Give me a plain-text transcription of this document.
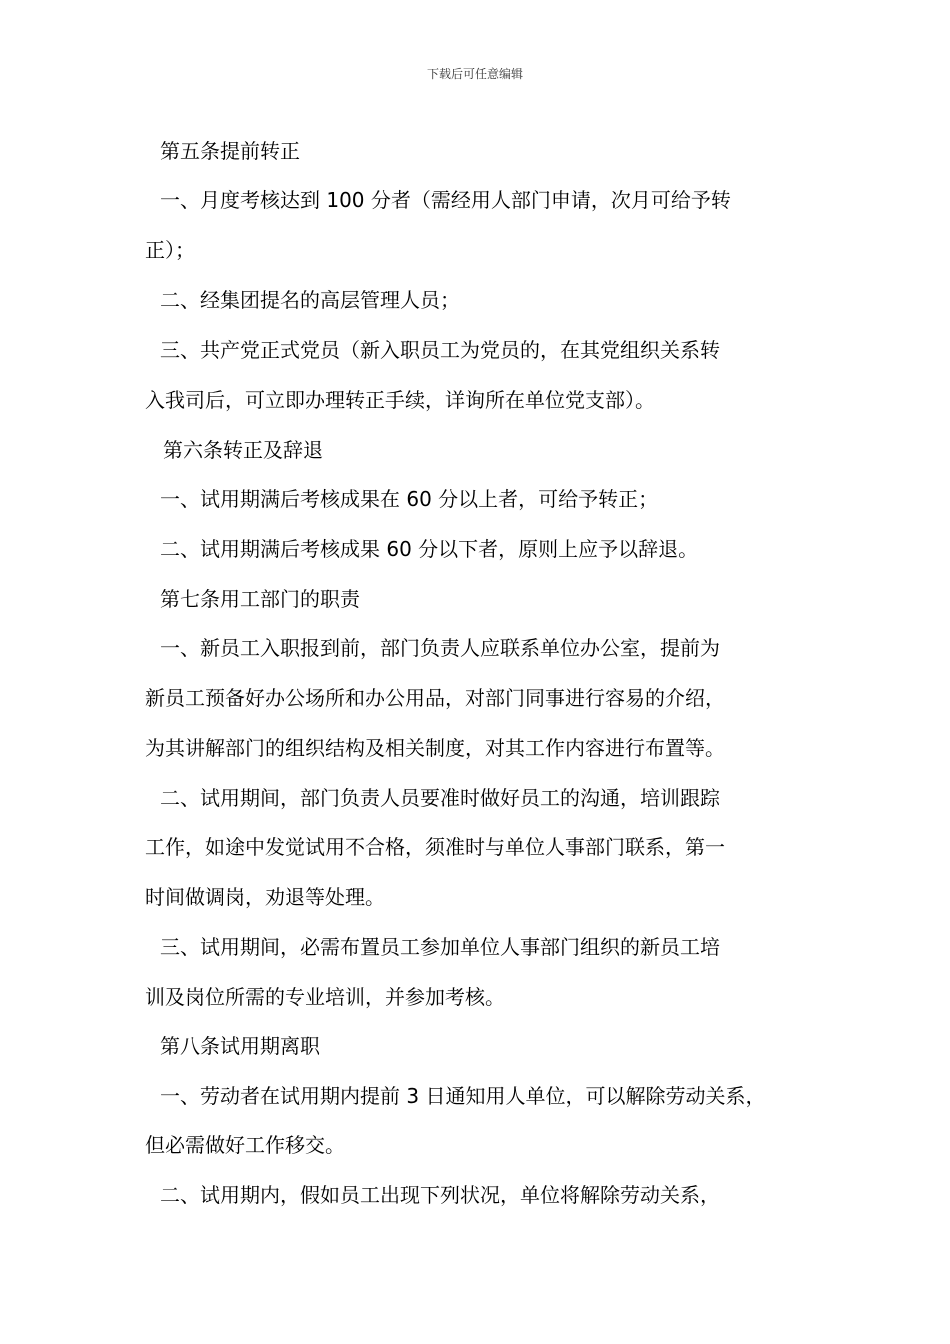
下载后可任意编辑
第五条提前转正
一、月度考核达到 100 分者（需经用人部门申请，次月可给予转
正）；
二、经集团提名的高层管理人员；
三、共产党正式党员（新入职员工为党员的，在其党组织关系转
入我司后，可立即办理转正手续，详询所在单位党支部）。
第六条转正及辞退
一、试用期满后考核成果在 60 分以上者，可给予转正；
二、试用期满后考核成果 60 分以下者，原则上应予以辞退。
第七条用工部门的职责
一、新员工入职报到前，部门负责人应联系单位办公室，提前为
新员工预备好办公场所和办公用品，对部门同事进行容易的介绍，
为其讲解部门的组织结构及相关制度，对其工作内容进行布置等。
二、试用期间，部门负责人员要准时做好员工的沟通，培训跟踪
工作，如途中发觉试用不合格，须准时与单位人事部门联系，第一
时间做调岗，劝退等处理。
三、试用期间，必需布置员工参加单位人事部门组织的新员工培
训及岗位所需的专业培训，并参加考核。
第八条试用期离职
一、劳动者在试用期内提前 3 日通知用人单位，可以解除劳动关系，
但必需做好工作移交。
二、试用期内，假如员工出现下列状况，单位将解除劳动关系，
